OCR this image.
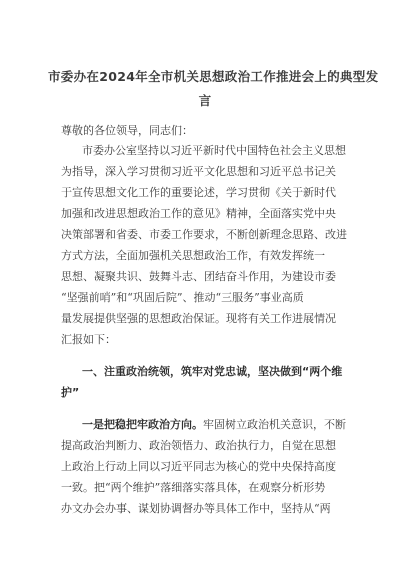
市委办在2024年全市机关思想政治工作推进会上的典型发
言
尊敬的各位领导，同志们：
市委办公室坚持以习近平新时代中国特色社会主义思想
为指导，深入学习贯彻习近平文化思想和习近平总书记关
于宣传思想文化工作的重要论述，学习贯彻《关于新时代
加强和改进思想政治工作的意见》精神，全面落实党中央
决策部署和省委、市委工作要求，不断创新理念思路、改进
方式方法，全面加强机关思想政治工作，有效发挥统一
思想、凝聚共识、鼓舞斗志、团结奋斗作用，为建设市委
“坚强前哨”和“巩固后院”、推动“三服务”事业高质
量发展提供坚强的思想政治保证。现将有关工作进展情况
汇报如下：
一、注重政治统领，筑牢对党忠诚，坚决做到“两个维
护”
一是把稳把牢政治方向。牢固树立政治机关意识，不断
提高政治判断力、政治领悟力、政治执行力，自觉在思想
上政治上行动上同以习近平同志为核心的党中央保持高度
一致。把“两个维护”落细落实落具体，在观察分析形势
办文办会办事、谋划协调督办等具体工作中，坚持从“两
